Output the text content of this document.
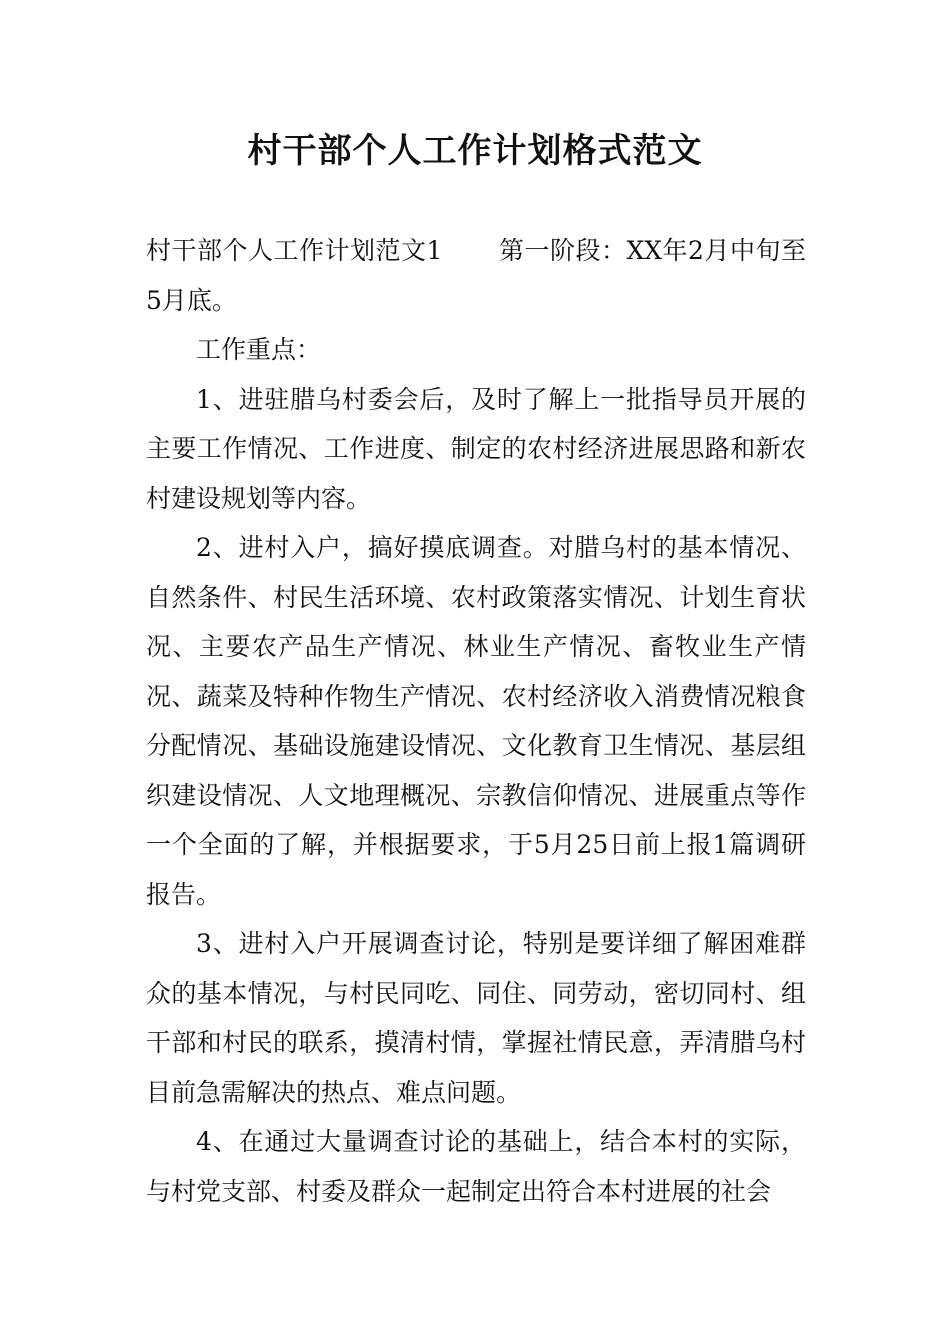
村干部个人工作计划格式范文

村干部个人工作计划范文1 第一阶段：XX年2月中旬至5月底。

工作重点：

1、进驻腊乌村委会后，及时了解上一批指导员开展的主要工作情况、工作进度、制定的农村经济进展思路和新农村建设规划等内容。

2、进村入户，搞好摸底调查。对腊乌村的基本情况、自然条件、村民生活环境、农村政策落实情况、计划生育状况、主要农产品生产情况、林业生产情况、畜牧业生产情况、蔬菜及特种作物生产情况、农村经济收入消费情况粮食分配情况、基础设施建设情况、文化教育卫生情况、基层组织建设情况、人文地理概况、宗教信仰情况、进展重点等作一个全面的了解，并根据要求，于5月25日前上报1篇调研报告。

3、进村入户开展调查讨论，特别是要详细了解困难群众的基本情况，与村民同吃、同住、同劳动，密切同村、组干部和村民的联系，摸清村情，掌握社情民意，弄清腊乌村目前急需解决的热点、难点问题。

4、在通过大量调查讨论的基础上，结合本村的实际，与村党支部、村委及群众一起制定出符合本村进展的社会
